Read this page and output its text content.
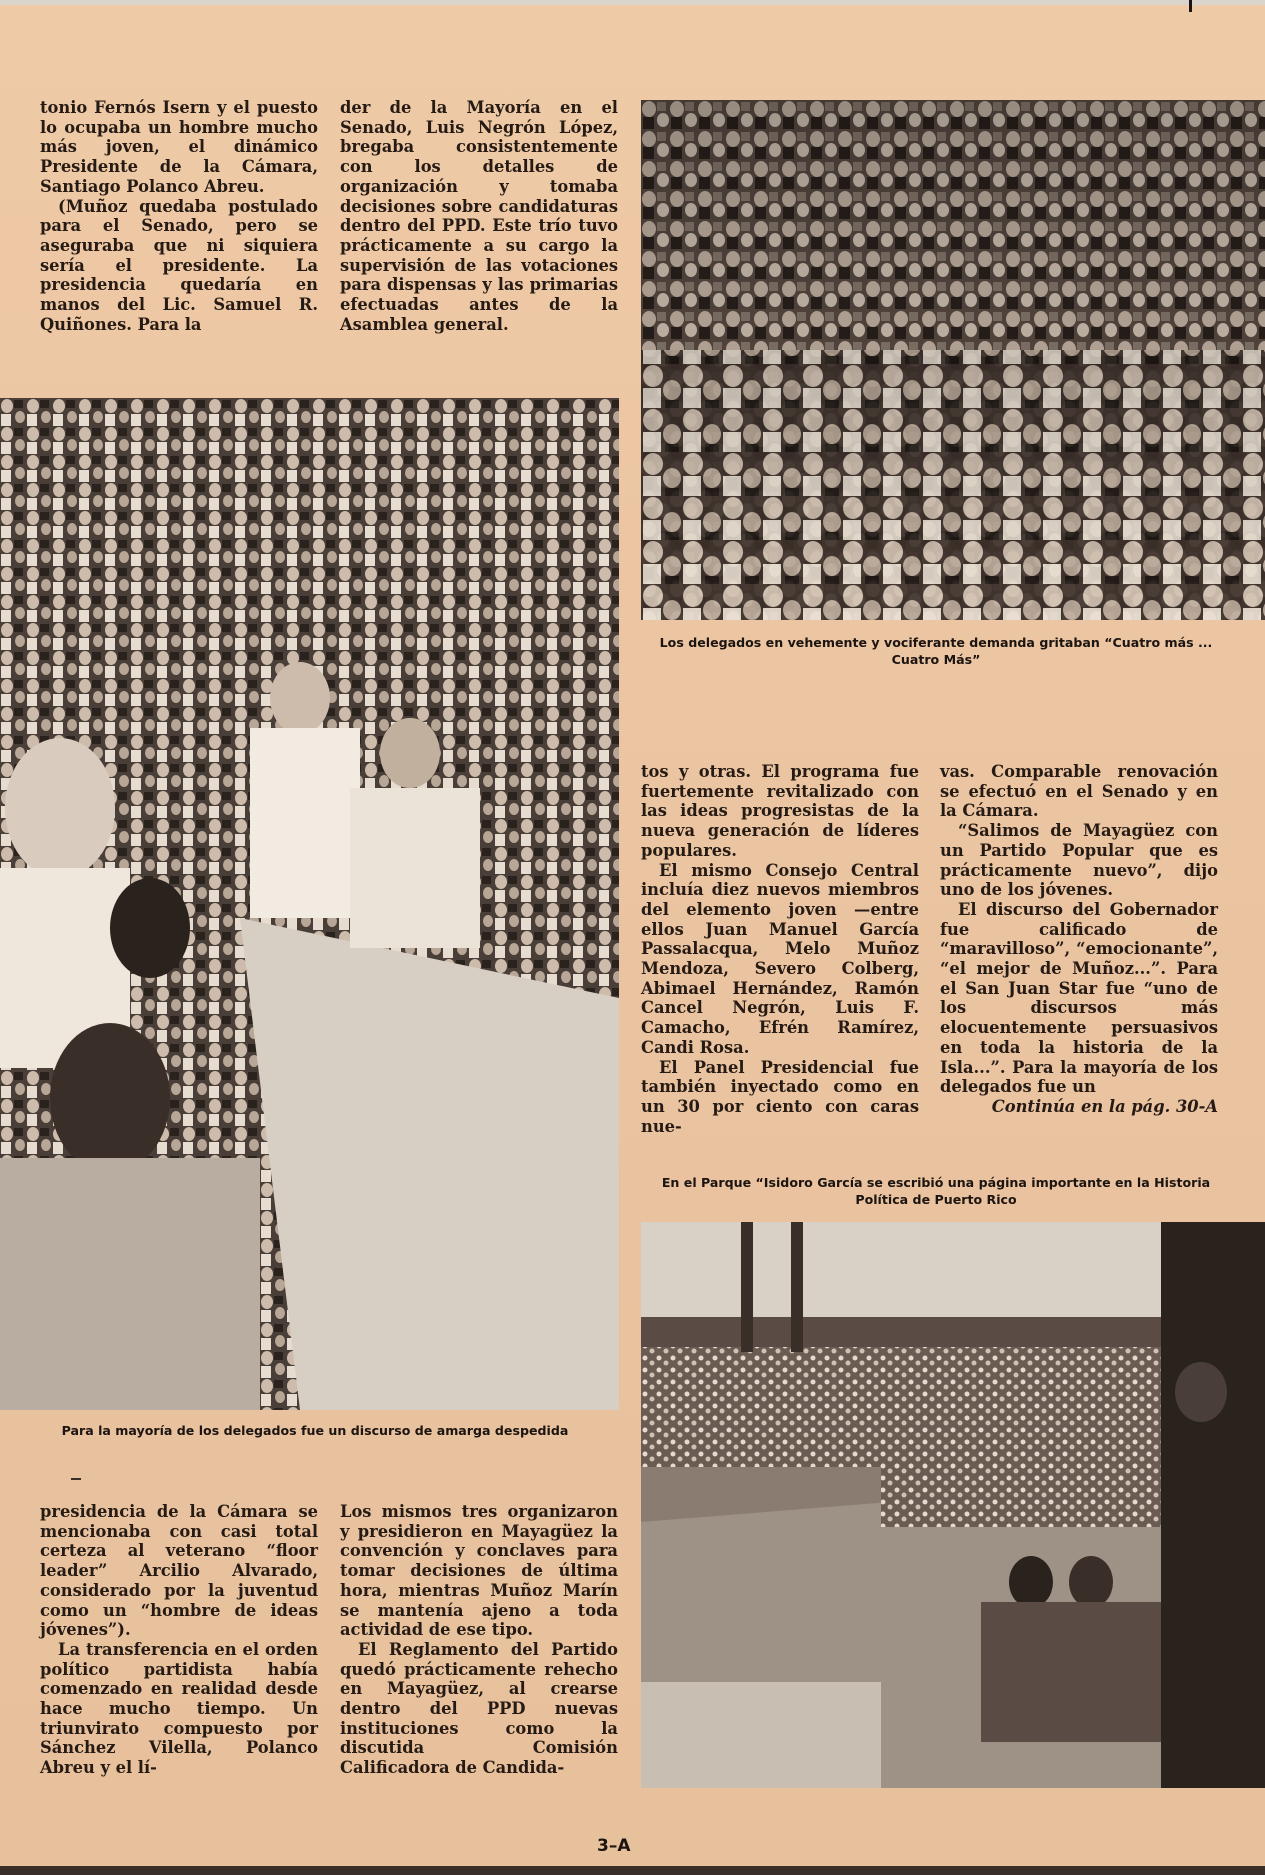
tonio Fernós Isern y el puesto lo ocupaba un hombre mucho más joven, el dinámico Presidente de la Cámara, Santiago Polanco Abreu.

(Muñoz quedaba postulado para el Senado, pero se aseguraba que ni siquiera sería el presidente. La presidencia quedaría en manos del Lic. Samuel R. Quiñones. Para la

der de la Mayoría en el Senado, Luis Negrón López, bregaba consistentemente con los detalles de organización y tomaba decisiones sobre candidaturas dentro del PPD. Este trío tuvo prácticamente a su cargo la supervisión de las votaciones para dispensas y las primarias efectuadas antes de la Asamblea general.

Los delegados en vehemente y vociferante demanda gritaban “Cuatro más ... Cuatro Más”
Para la mayoría de los delegados fue un discurso de amarga despedida

tos y otras. El programa fue fuertemente revitalizado con las ideas progresistas de la nueva generación de líderes populares.

El mismo Consejo Central incluía diez nuevos miembros del elemento joven —entre ellos Juan Manuel García Passalacqua, Melo Muñoz Mendoza, Severo Colberg, Abimael Hernández, Ramón Cancel Negrón, Luis F. Camacho, Efrén Ramírez, Candi Rosa.

El Panel Presidencial fue también inyectado como en un 30 por ciento con caras nue-

vas. Comparable renovación se efectuó en el Senado y en la Cámara.

“Salimos de Mayagüez con un Partido Popular que es prácticamente nuevo”, dijo uno de los jóvenes.

El discurso del Gobernador fue calificado de “maravilloso”, “emocionante”, “el mejor de Muñoz...”. Para el San Juan Star fue “uno de los discursos más elocuentemente persuasivos en toda la historia de la Isla...”. Para la mayoría de los delegados fue un

Continúa en la pág. 30-A

En el Parque “Isidoro García se escribió una página importante en la Historia Política de Puerto Rico

presidencia de la Cámara se mencionaba con casi total certeza al veterano “floor leader” Arcilio Alvarado, considerado por la juventud como un “hombre de ideas jóvenes”).

La transferencia en el orden político partidista había comenzado en realidad desde hace mucho tiempo. Un triunvirato compuesto por Sánchez Vilella, Polanco Abreu y el lí-

Los mismos tres organizaron y presidieron en Mayagüez la convención y conclaves para tomar decisiones de última hora, mientras Muñoz Marín se mantenía ajeno a toda actividad de ese tipo.

El Reglamento del Partido quedó prácticamente rehecho en Mayagüez, al crearse dentro del PPD nuevas instituciones como la discutida Comisión Calificadora de Candida-

3–A
